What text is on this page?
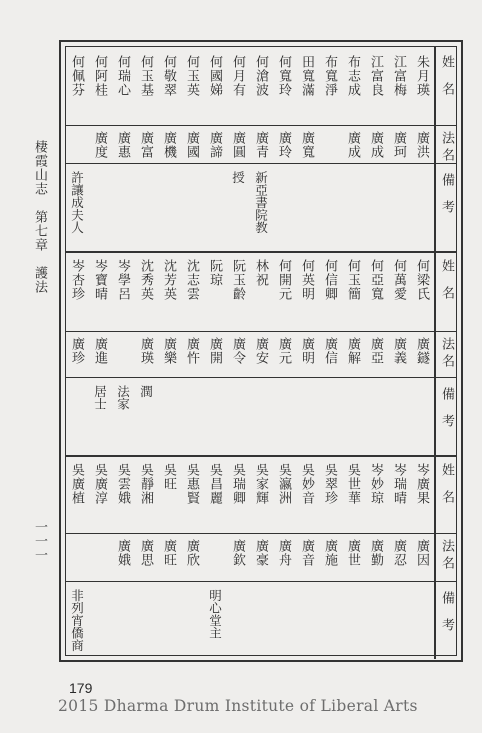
棲霞山志　第七章　護法
一一一
姓名
法名
備考
朱月瑛
江富梅
江富良
布志成
布寬淨
田寬滿
何寬玲
何滄波
何月有
何國娣
何玉英
何敬翠
何玉基
何瑞心
何阿桂
何佩芬
廣洪
廣珂
廣成
廣成
廣寬
廣玲
廣青
廣圓
廣諦
廣國
廣機
廣富
廣惠
廣度
新亞書院教
授
許讓成夫人
姓名
法名
備考
何梁氏
何萬愛
何亞寬
何玉簡
何信卿
何英明
何開元
林祝
阮玉齡
阮琼
沈志雲
沈芳英
沈秀英
岑學呂
岑寶晴
岑杏珍
廣鐩
廣義
廣亞
廣解
廣信
廣明
廣元
廣安
廣令
廣開
廣忤
廣樂
廣瑛
廣進
廣珍
潤
居士 法家
姓名
法名
備考
岑廣果
岑瑞晴
岑妙琼
吳世華
吳翠珍
吳妙音
吳瀛洲
吳家輝
吳瑞卿
吳昌麗
吳惠賢
吳旺
吳靜湘
吳雲娥
吳廣淳
吳廣植
廣因
廣忍
廣勤
廣世
廣施
廣音
廣舟
廣豪
廣欽
廣欣
廣旺
廣思
廣娥
明心堂主
非列宵僑商
179
2015 Dharma Drum Institute of Liberal Arts
